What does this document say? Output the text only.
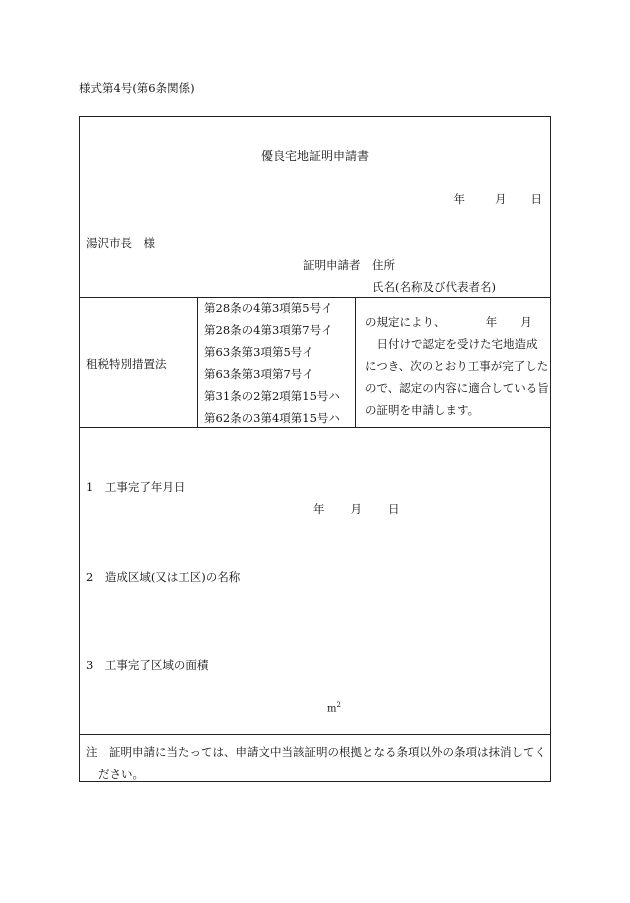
様式第4号(第6条関係)
優良宅地証明申請書
年	月 日
湯沢市長　様
証明申請者　住所
氏名(名称及び代表者名)
租税特別措置法
第28条の4第3項第5号イ
第28条の4第3項第7号イ
第63条第3項第5号イ
第63条第3項第7号イ
第31条の2第2項第15号ハ
第62条の3第4項第15号ハ
の規定により、　　　　年　　月
　日付けで認定を受けた宅地造成
につき、次のとおり工事が完了した
ので、認定の内容に適合している旨
の証明を申請します。
1　工事完了年月日
年 月 日
2　造成区域(又は工区)の名称
3　工事完了区域の面積
$m^2$
注　証明申請に当たっては、申請文中当該証明の根拠となる条項以外の条項は抹消してく
ださい。
